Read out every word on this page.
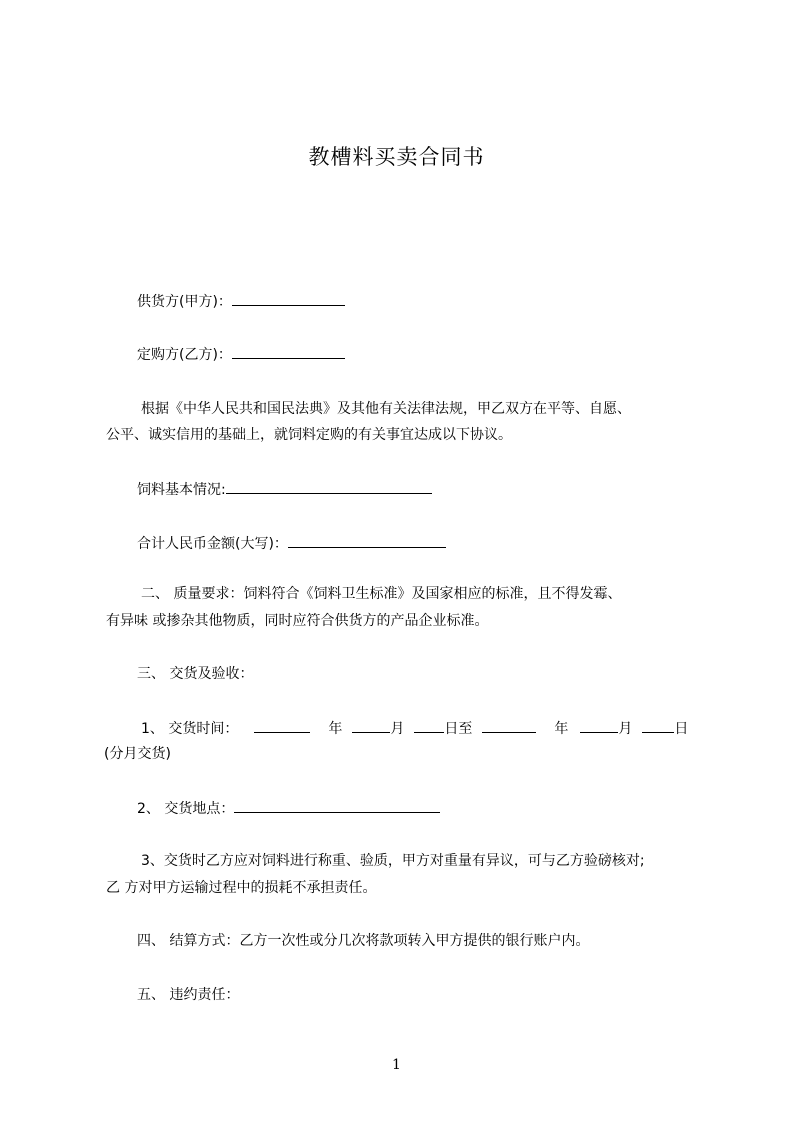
教槽料买卖合同书
供货方(甲方)：
定购方(乙方)：
根据《中华人民共和国民法典》及其他有关法律法规，甲乙双方在平等、自愿、
公平、诚实信用的基础上，就饲料定购的有关事宜达成以下协议。
饲料基本情况:
合计人民币金额(大写)：
二、 质量要求：饲料符合《饲料卫生标准》及国家相应的标准，且不得发霉、
有异味 或掺杂其他物质，同时应符合供货方的产品企业标准。
三、 交货及验收：
1、 交货时间：	年	月	日至	年	月	日
(分月交货)
2、 交货地点：
3、交货时乙方应对饲料进行称重、验质，甲方对重量有异议，可与乙方验磅核对;
乙 方对甲方运输过程中的损耗不承担责任。
四、 结算方式：乙方一次性或分几次将款项转入甲方提供的银行账户内。
五、 违约责任：
1
